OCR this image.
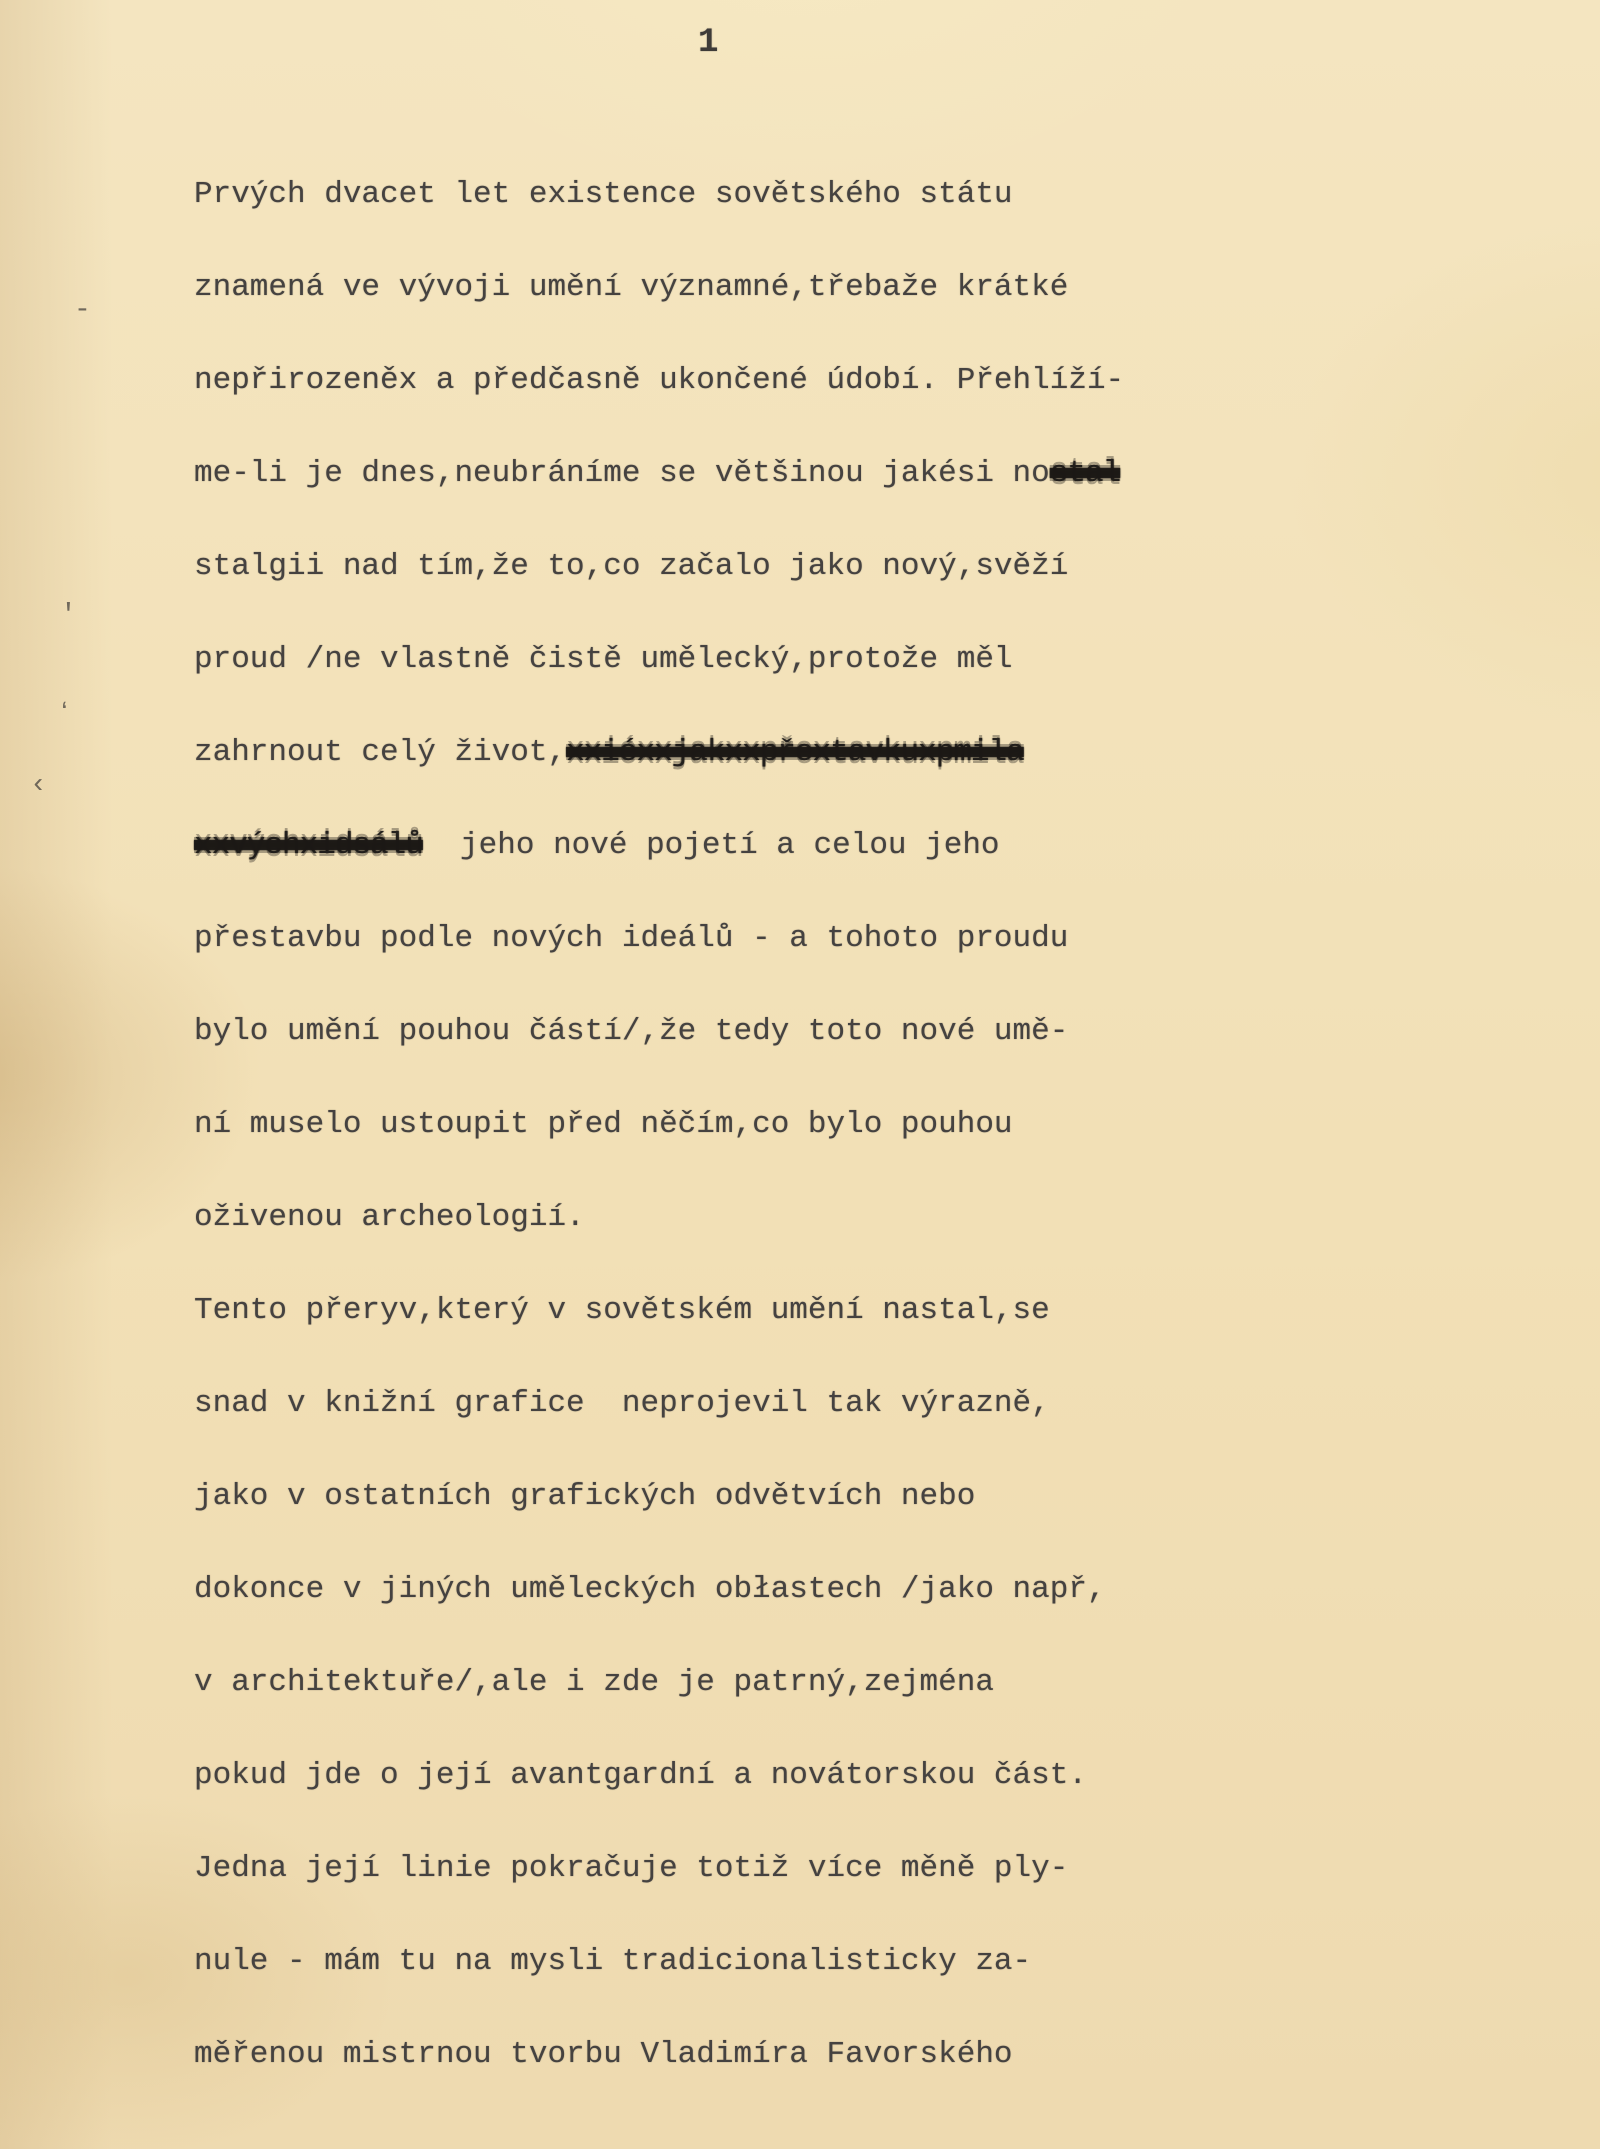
1
Prvých dvacet let existence sovětského státu
znamená ve vývoji umění významné,třebaže krátké
nepřirozeněx a předčasně ukončené údobí. Přehlíží-
me-li je dnes,neubráníme se většinou jakési nostal
stalgii nad tím,že to,co začalo jako nový,svěží
proud /ne vlastně čistě umělecký,protože měl
zahrnout celý život,xxiéxxjakxxpřextavkuxpmila
xxvýchxidsálů  jeho nové pojetí a celou jeho
přestavbu podle nových ideálů - a tohoto proudu
bylo umění pouhou částí/,že tedy toto nové umě-
ní muselo ustoupit před něčím,co bylo pouhou
oživenou archeologií.
Tento přeryv,který v sovětském umění nastal,se
snad v knižní grafice  neprojevil tak výrazně,
jako v ostatních grafických odvětvích nebo
dokonce v jiných uměleckých obłastech /jako např,
v architektuře/,ale i zde je patrný,zejména
pokud jde o její avantgardní a novátorskou část.
Jedna její linie pokračuje totiž více měně ply-
nule - mám tu na mysli tradicionalisticky za-
měřenou mistrnou tvorbu Vladimíra Favorského
-
'
ʻ
‹
